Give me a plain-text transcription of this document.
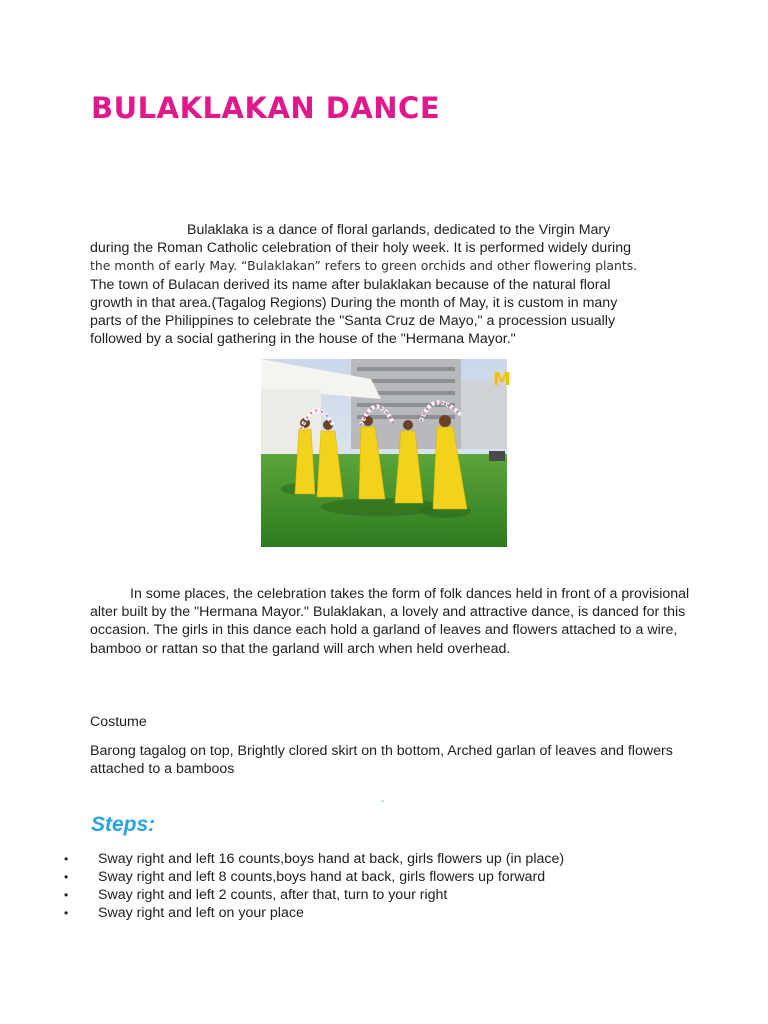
BULAKLAKAN DANCE
Bulaklaka is a dance of floral garlands, dedicated to the Virgin Mary
during the Roman Catholic celebration of their holy week. It is performed widely during
the month of early May. “Bulaklakan” refers to green orchids and other flowering plants.
The town of Bulacan derived its name after bulaklakan because of the natural floral
growth in that area.(Tagalog Regions) During the month of May, it is custom in many
parts of the Philippines to celebrate the "Santa Cruz de Mayo," a procession usually
followed by a social gathering in the house of the "Hermana Mayor."
M
In some places, the celebration takes the form of folk dances held in front of a provisional alter built by the "Hermana Mayor." Bulaklakan, a lovely and attractive dance, is danced for this occasion. The girls in this dance each hold a garland of leaves and flowers attached to a wire, bamboo or rattan so that the garland will arch when held overhead.

Costume

Barong tagalog on top, Brightly clored skirt on th bottom, Arched garlan of leaves and flowers attached to a bamboos

-
Steps:
• Sway right and left 16 counts,boys hand at back, girls flowers up (in place)
• Sway right and left 8 counts,boys hand at back, girls flowers up forward
• Sway right and left 2 counts, after that, turn to your right
• Sway right and left on your place
